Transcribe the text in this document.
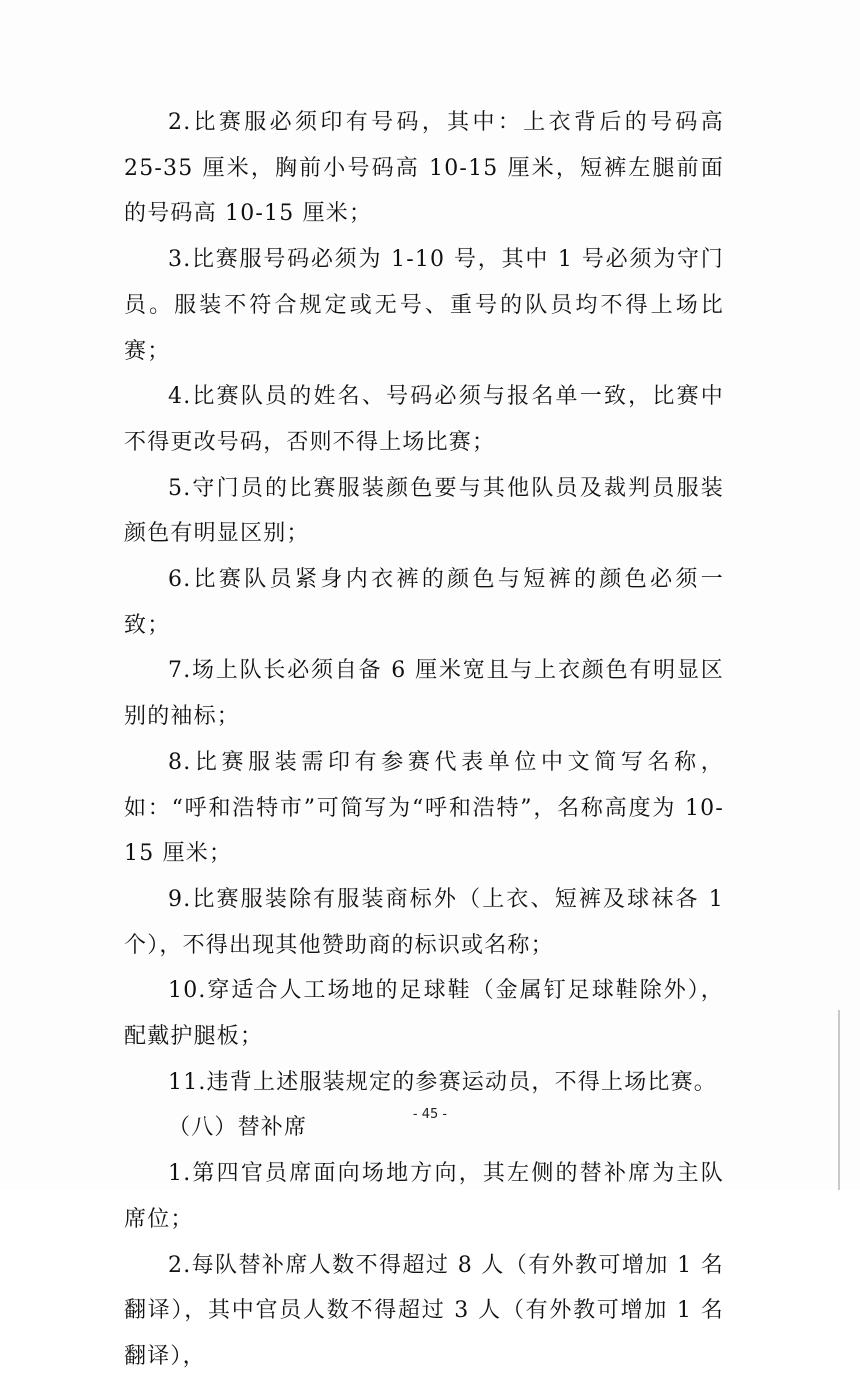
2.比赛服必须印有号码，其中：上衣背后的号码高 25-35 厘米，胸前小号码高 10-15 厘米，短裤左腿前面的号码高 10-15 厘米；

3.比赛服号码必须为 1-10 号，其中 1 号必须为守门员。服装不符合规定或无号、重号的队员均不得上场比赛；

4.比赛队员的姓名、号码必须与报名单一致，比赛中不得更改号码，否则不得上场比赛；

5.守门员的比赛服装颜色要与其他队员及裁判员服装颜色有明显区别；

6.比赛队员紧身内衣裤的颜色与短裤的颜色必须一致；

7.场上队长必须自备 6 厘米宽且与上衣颜色有明显区别的袖标；

8.比赛服装需印有参赛代表单位中文简写名称，如：“呼和浩特市”可简写为“呼和浩特”，名称高度为 10-15 厘米；

9.比赛服装除有服装商标外（上衣、短裤及球袜各 1 个），不得出现其他赞助商的标识或名称；

10.穿适合人工场地的足球鞋（金属钉足球鞋除外），配戴护腿板；

11.违背上述服装规定的参赛运动员，不得上场比赛。

（八）替补席

1.第四官员席面向场地方向，其左侧的替补席为主队席位；

2.每队替补席人数不得超过 8 人（有外教可增加 1 名翻译），其中官员人数不得超过 3 人（有外教可增加 1 名翻译），

- 45 -
